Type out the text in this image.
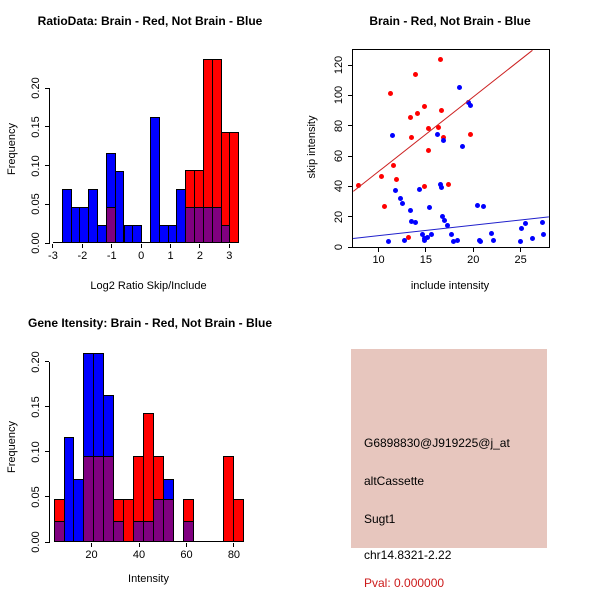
RatioData: Brain - Red, Not Brain - Blue
Frequency
-3 -2 -1 0 1 2 3
0.00
0.05
0.10
0.15
0.20
Log2 Ratio Skip/Include
Brain - Red, Not Brain - Blue
skip intensity
10	15	20	25
0
20
40
60
80
100
120
include intensity
Gene Itensity: Brain - Red, Not Brain - Blue
Frequency
20	40	60	80
0.00
0.05
0.10
0.15
0.20
Intensity
G6898830@J919225@j_at
altCassette
Sugt1
chr14.8321-2.22
Pval: 0.000000
